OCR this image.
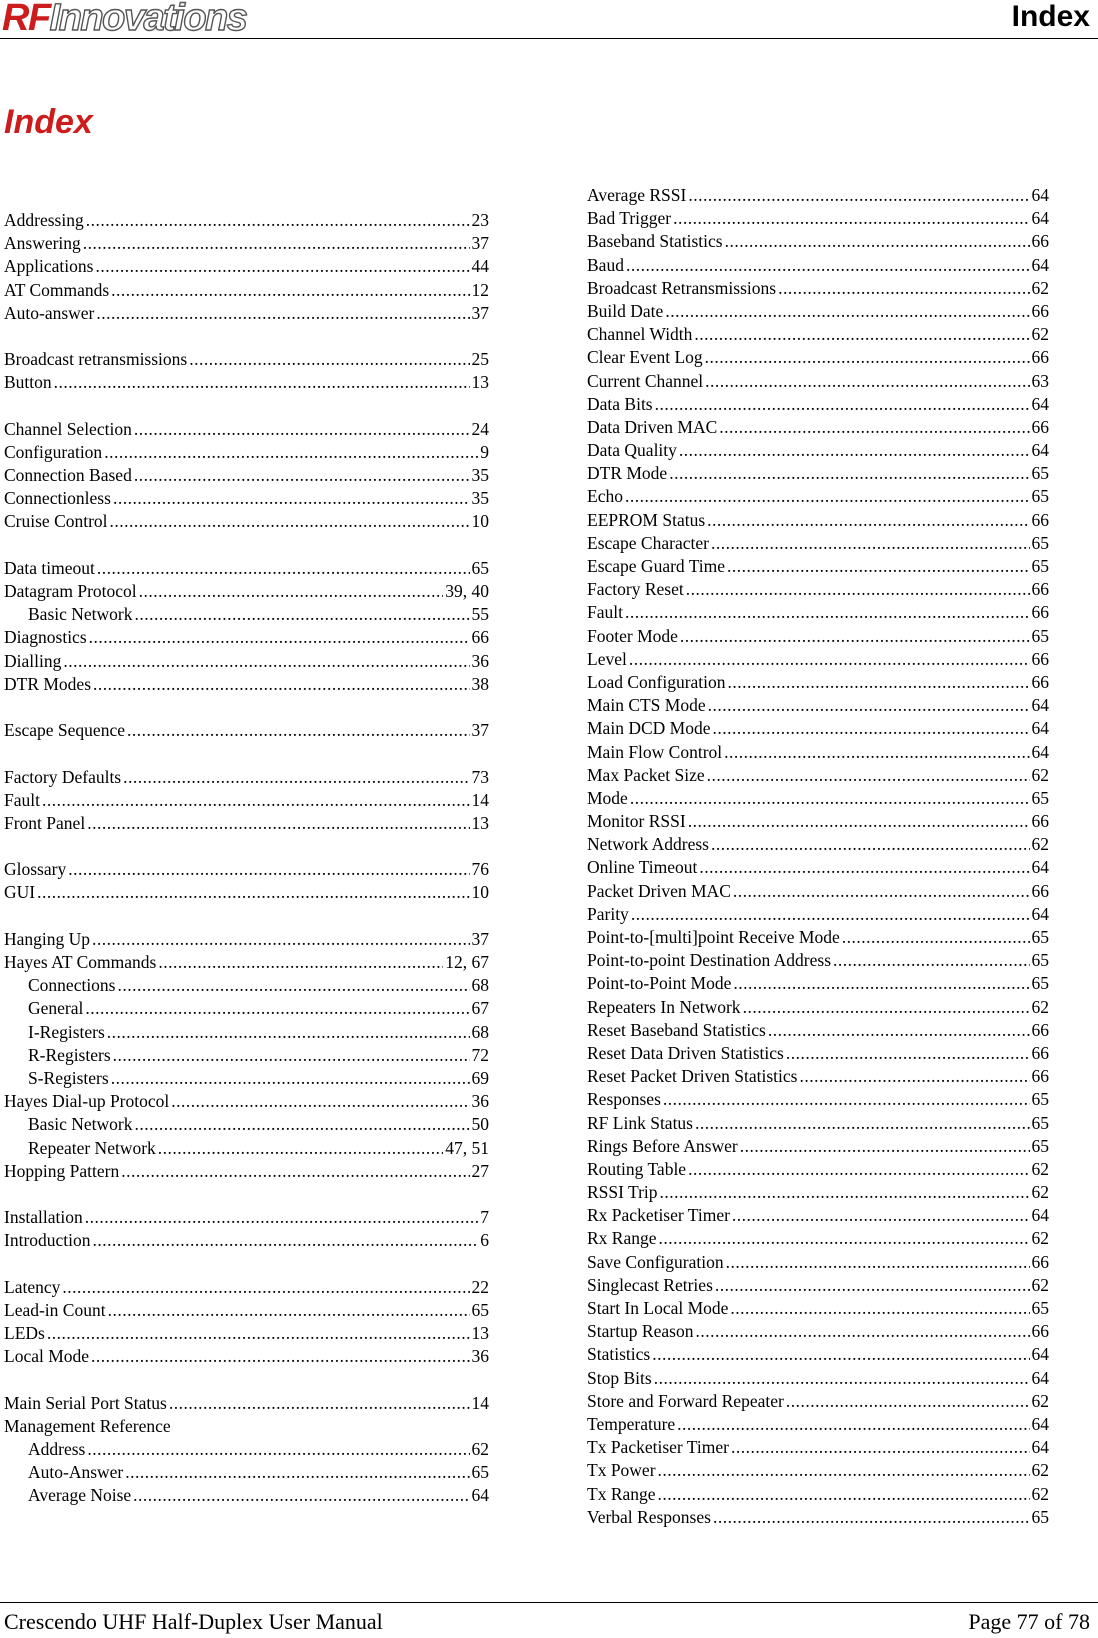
RFInnovations	Index
Index
Addressing .....	23
Answering .....	37
Applications .....	44
AT Commands .....	12
Auto-answer .....	37
Broadcast retransmissions .....	25
Button .....	13
Channel Selection .....	24
Configuration .....	9
Connection Based .....	35
Connectionless .....	35
Cruise Control .....	10
Data timeout .....	65
Datagram Protocol .....	39, 40
Basic Network .....	55
Diagnostics .....	66
Dialling .....	36
DTR Modes .....	38
Escape Sequence .....	37
Factory Defaults .....	73
Fault .....	14
Front Panel .....	13
Glossary .....	76
GUI .....	10
Hanging Up .....	37
Hayes AT Commands .....	12, 67
Connections .....	68
General .....	67
I-Registers .....	68
R-Registers .....	72
S-Registers .....	69
Hayes Dial-up Protocol .....	36
Basic Network .....	50
Repeater Network .....	47, 51
Hopping Pattern .....	27
Installation .....	7
Introduction .....	6
Latency .....	22
Lead-in Count .....	65
LEDs .....	13
Local Mode .....	36
Main Serial Port Status .....	14
Management Reference
Address .....	62
Auto-Answer .....	65
Average Noise .....	64
Average RSSI .....	64
Bad Trigger .....	64
Baseband Statistics .....	66
Baud .....	64
Broadcast Retransmissions .....	62
Build Date .....	66
Channel Width .....	62
Clear Event Log .....	66
Current Channel .....	63
Data Bits .....	64
Data Driven MAC .....	66
Data Quality .....	64
DTR Mode .....	65
Echo .....	65
EEPROM Status .....	66
Escape Character .....	65
Escape Guard Time .....	65
Factory Reset .....	66
Fault .....	66
Footer Mode .....	65
Level .....	66
Load Configuration .....	66
Main CTS Mode .....	64
Main DCD Mode .....	64
Main Flow Control .....	64
Max Packet Size .....	62
Mode .....	65
Monitor RSSI .....	66
Network Address .....	62
Online Timeout .....	64
Packet Driven MAC .....	66
Parity .....	64
Point-to-[multi]point Receive Mode .....	65
Point-to-point Destination Address .....	65
Point-to-Point Mode .....	65
Repeaters In Network .....	62
Reset Baseband Statistics .....	66
Reset Data Driven Statistics .....	66
Reset Packet Driven Statistics .....	66
Responses .....	65
RF Link Status .....	65
Rings Before Answer .....	65
Routing Table .....	62
RSSI Trip .....	62
Rx Packetiser Timer .....	64
Rx Range .....	62
Save Configuration .....	66
Singlecast Retries .....	62
Start In Local Mode .....	65
Startup Reason .....	66
Statistics .....	64
Stop Bits .....	64
Store and Forward Repeater .....	62
Temperature .....	64
Tx Packetiser Timer .....	64
Tx Power .....	62
Tx Range .....	62
Verbal Responses .....	65
Crescendo UHF Half-Duplex User Manual	Page 77 of 78
